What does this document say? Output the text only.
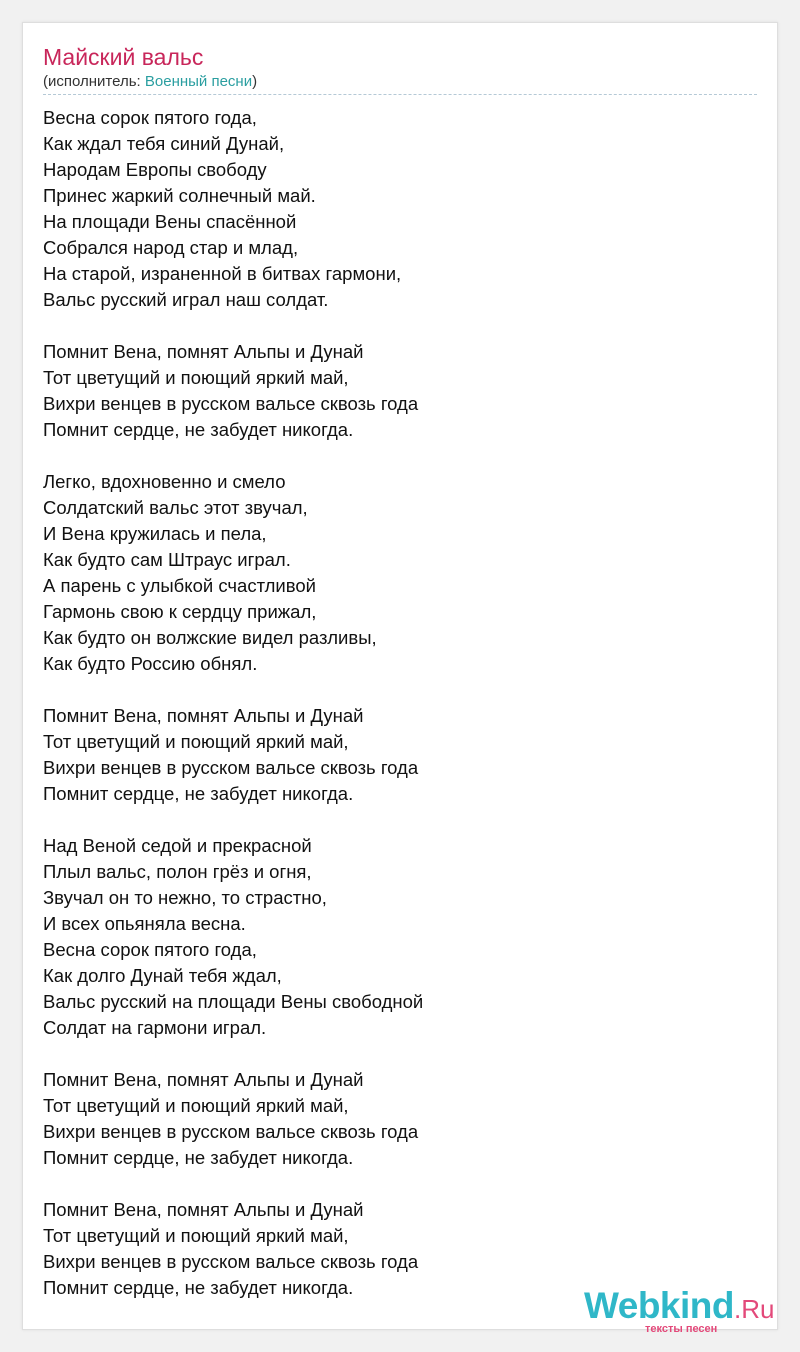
Майский вальс
(исполнитель: Военный песни)
Весна сорок пятого года,
Как ждал тебя синий Дунай,
Народам Европы свободу
Принес жаркий солнечный май.
На площади Вены спасённой
Собрался народ стар и млад,
На старой, израненной в битвах гармони,
Вальс русский играл наш солдат.
Помнит Вена, помнят Альпы и Дунай
Тот цветущий и поющий яркий май,
Вихри венцев в русском вальсе сквозь года
Помнит сердце, не забудет никогда.
Легко, вдохновенно и смело
Солдатский вальс этот звучал,
И Вена кружилась и пела,
Как будто сам Штраус играл.
А парень с улыбкой счастливой
Гармонь свою к сердцу прижал,
Как будто он волжские видел разливы,
Как будто Россию обнял.
Помнит Вена, помнят Альпы и Дунай
Тот цветущий и поющий яркий май,
Вихри венцев в русском вальсе сквозь года
Помнит сердце, не забудет никогда.
Над Веной седой и прекрасной
Плыл вальс, полон грёз и огня,
Звучал он то нежно, то страстно,
И всех опьяняла весна.
Весна сорок пятого года,
Как долго Дунай тебя ждал,
Вальс русский на площади Вены свободной
Солдат на гармони играл.
Помнит Вена, помнят Альпы и Дунай
Тот цветущий и поющий яркий май,
Вихри венцев в русском вальсе сквозь года
Помнит сердце, не забудет никогда.
Помнит Вена, помнят Альпы и Дунай
Тот цветущий и поющий яркий май,
Вихри венцев в русском вальсе сквозь года
Помнит сердце, не забудет никогда.	Webkind.Ru
тексты песен
